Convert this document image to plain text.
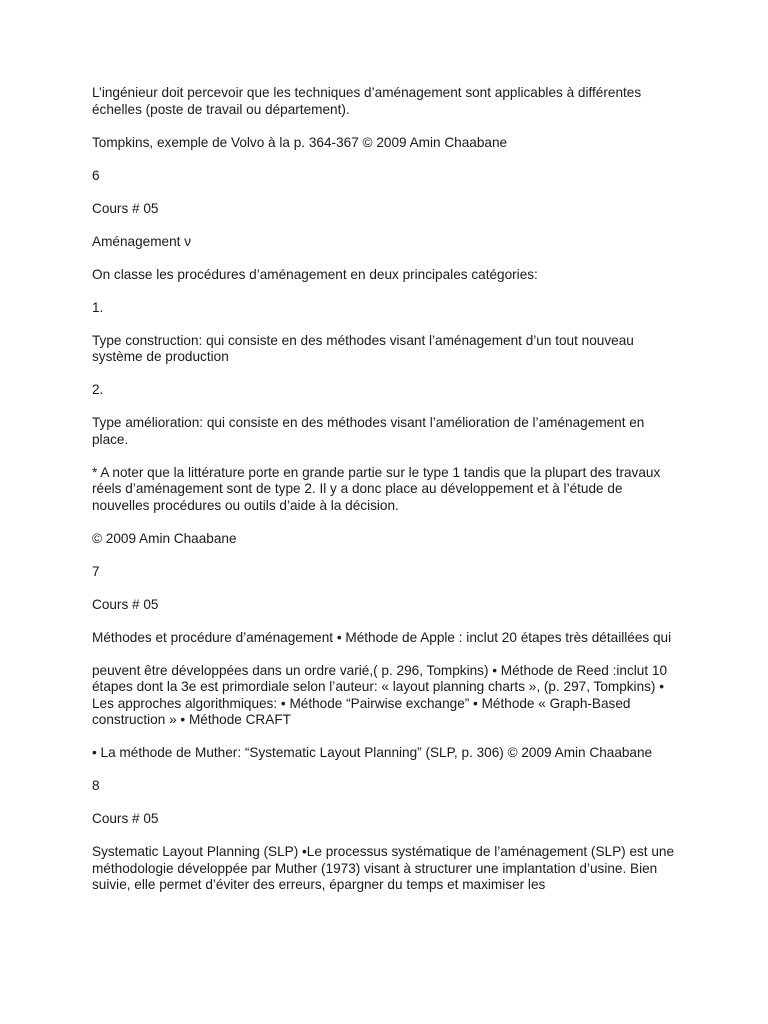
L’ingénieur doit percevoir que les techniques d’aménagement sont applicables à différentes échelles (poste de travail ou département).

Tompkins, exemple de Volvo à la p. 364-367 © 2009 Amin Chaabane

6

Cours # 05

Aménagement ν

On classe les procédures d’aménagement en deux principales catégories:

1.

Type construction: qui consiste en des méthodes visant l’aménagement d’un tout nouveau système de production

2.

Type amélioration: qui consiste en des méthodes visant l’amélioration de l’aménagement en place.

* A noter que la littérature porte en grande partie sur le type 1 tandis que la plupart des travaux réels d’aménagement sont de type 2. Il y a donc place au développement et à l’étude de nouvelles procédures ou outils d’aide à la décision.

© 2009 Amin Chaabane

7

Cours # 05

Méthodes et procédure d’aménagement • Méthode de Apple : inclut 20 étapes très détaillées qui

peuvent être développées dans un ordre varié,( p. 296, Tompkins) • Méthode de Reed :inclut 10 étapes dont la 3e est primordiale selon l’auteur: « layout planning charts », (p. 297, Tompkins) • Les approches algorithmiques: • Méthode “Pairwise exchange” • Méthode « Graph-Based construction » • Méthode CRAFT

• La méthode de Muther: “Systematic Layout Planning” (SLP, p. 306) © 2009 Amin Chaabane

8

Cours # 05

Systematic Layout Planning (SLP) •Le processus systématique de l’aménagement (SLP) est une méthodologie développée par Muther (1973) visant à structurer une implantation d’usine. Bien suivie, elle permet d’éviter des erreurs, épargner du temps et maximiser les
